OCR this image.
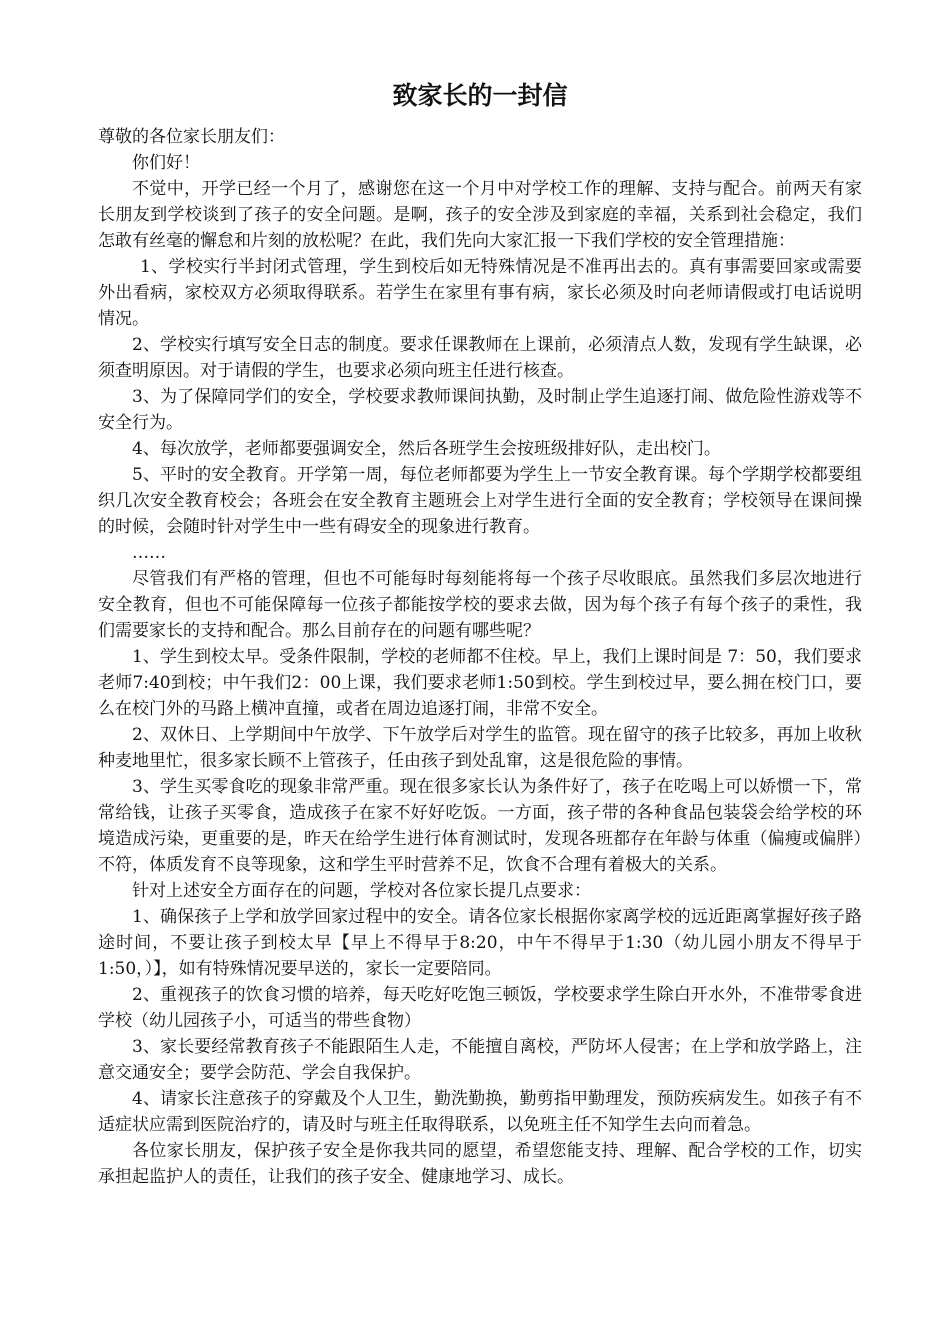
致家长的一封信

尊敬的各位家长朋友们：

你们好！

不觉中，开学已经一个月了，感谢您在这一个月中对学校工作的理解、支持与配合。前两天有家长朋友到学校谈到了孩子的安全问题。是啊，孩子的安全涉及到家庭的幸福，关系到社会稳定，我们怎敢有丝毫的懈怠和片刻的放松呢？在此，我们先向大家汇报一下我们学校的安全管理措施：

1、学校实行半封闭式管理，学生到校后如无特殊情况是不准再出去的。真有事需要回家或需要外出看病，家校双方必须取得联系。若学生在家里有事有病，家长必须及时向老师请假或打电话说明情况。

2、学校实行填写安全日志的制度。要求任课教师在上课前，必须清点人数，发现有学生缺课，必须查明原因。对于请假的学生，也要求必须向班主任进行核查。

3、为了保障同学们的安全，学校要求教师课间执勤，及时制止学生追逐打闹、做危险性游戏等不安全行为。

4、每次放学，老师都要强调安全，然后各班学生会按班级排好队，走出校门。

5、平时的安全教育。开学第一周，每位老师都要为学生上一节安全教育课。每个学期学校都要组织几次安全教育校会；各班会在安全教育主题班会上对学生进行全面的安全教育；学校领导在课间操的时候，会随时针对学生中一些有碍安全的现象进行教育。

……

尽管我们有严格的管理，但也不可能每时每刻能将每一个孩子尽收眼底。虽然我们多层次地进行安全教育，但也不可能保障每一位孩子都能按学校的要求去做，因为每个孩子有每个孩子的秉性，我们需要家长的支持和配合。那么目前存在的问题有哪些呢？

1、学生到校太早。受条件限制，学校的老师都不住校。早上，我们上课时间是 7：50，我们要求老师7:40到校；中午我们2：00上课，我们要求老师1:50到校。学生到校过早，要么拥在校门口，要么在校门外的马路上横冲直撞，或者在周边追逐打闹，非常不安全。

2、双休日、上学期间中午放学、下午放学后对学生的监管。现在留守的孩子比较多，再加上收秋种麦地里忙，很多家长顾不上管孩子，任由孩子到处乱窜，这是很危险的事情。

3、学生买零食吃的现象非常严重。现在很多家长认为条件好了，孩子在吃喝上可以娇惯一下，常常给钱，让孩子买零食，造成孩子在家不好好吃饭。一方面，孩子带的各种食品包装袋会给学校的环境造成污染，更重要的是，昨天在给学生进行体育测试时，发现各班都存在年龄与体重（偏瘦或偏胖）不符，体质发育不良等现象，这和学生平时营养不足，饮食不合理有着极大的关系。

针对上述安全方面存在的问题，学校对各位家长提几点要求：

1、确保孩子上学和放学回家过程中的安全。请各位家长根据你家离学校的远近距离掌握好孩子路途时间，不要让孩子到校太早【早上不得早于8:20，中午不得早于1:30（幼儿园小朋友不得早于1:50，）】，如有特殊情况要早送的，家长一定要陪同。

2、重视孩子的饮食习惯的培养，每天吃好吃饱三顿饭，学校要求学生除白开水外，不准带零食进学校（幼儿园孩子小，可适当的带些食物）

3、家长要经常教育孩子不能跟陌生人走，不能擅自离校，严防坏人侵害；在上学和放学路上，注意交通安全；要学会防范、学会自我保护。

4、请家长注意孩子的穿戴及个人卫生，勤洗勤换，勤剪指甲勤理发，预防疾病发生。如孩子有不适症状应需到医院治疗的，请及时与班主任取得联系，以免班主任不知学生去向而着急。

各位家长朋友，保护孩子安全是你我共同的愿望，希望您能支持、理解、配合学校的工作，切实承担起监护人的责任，让我们的孩子安全、健康地学习、成长。
